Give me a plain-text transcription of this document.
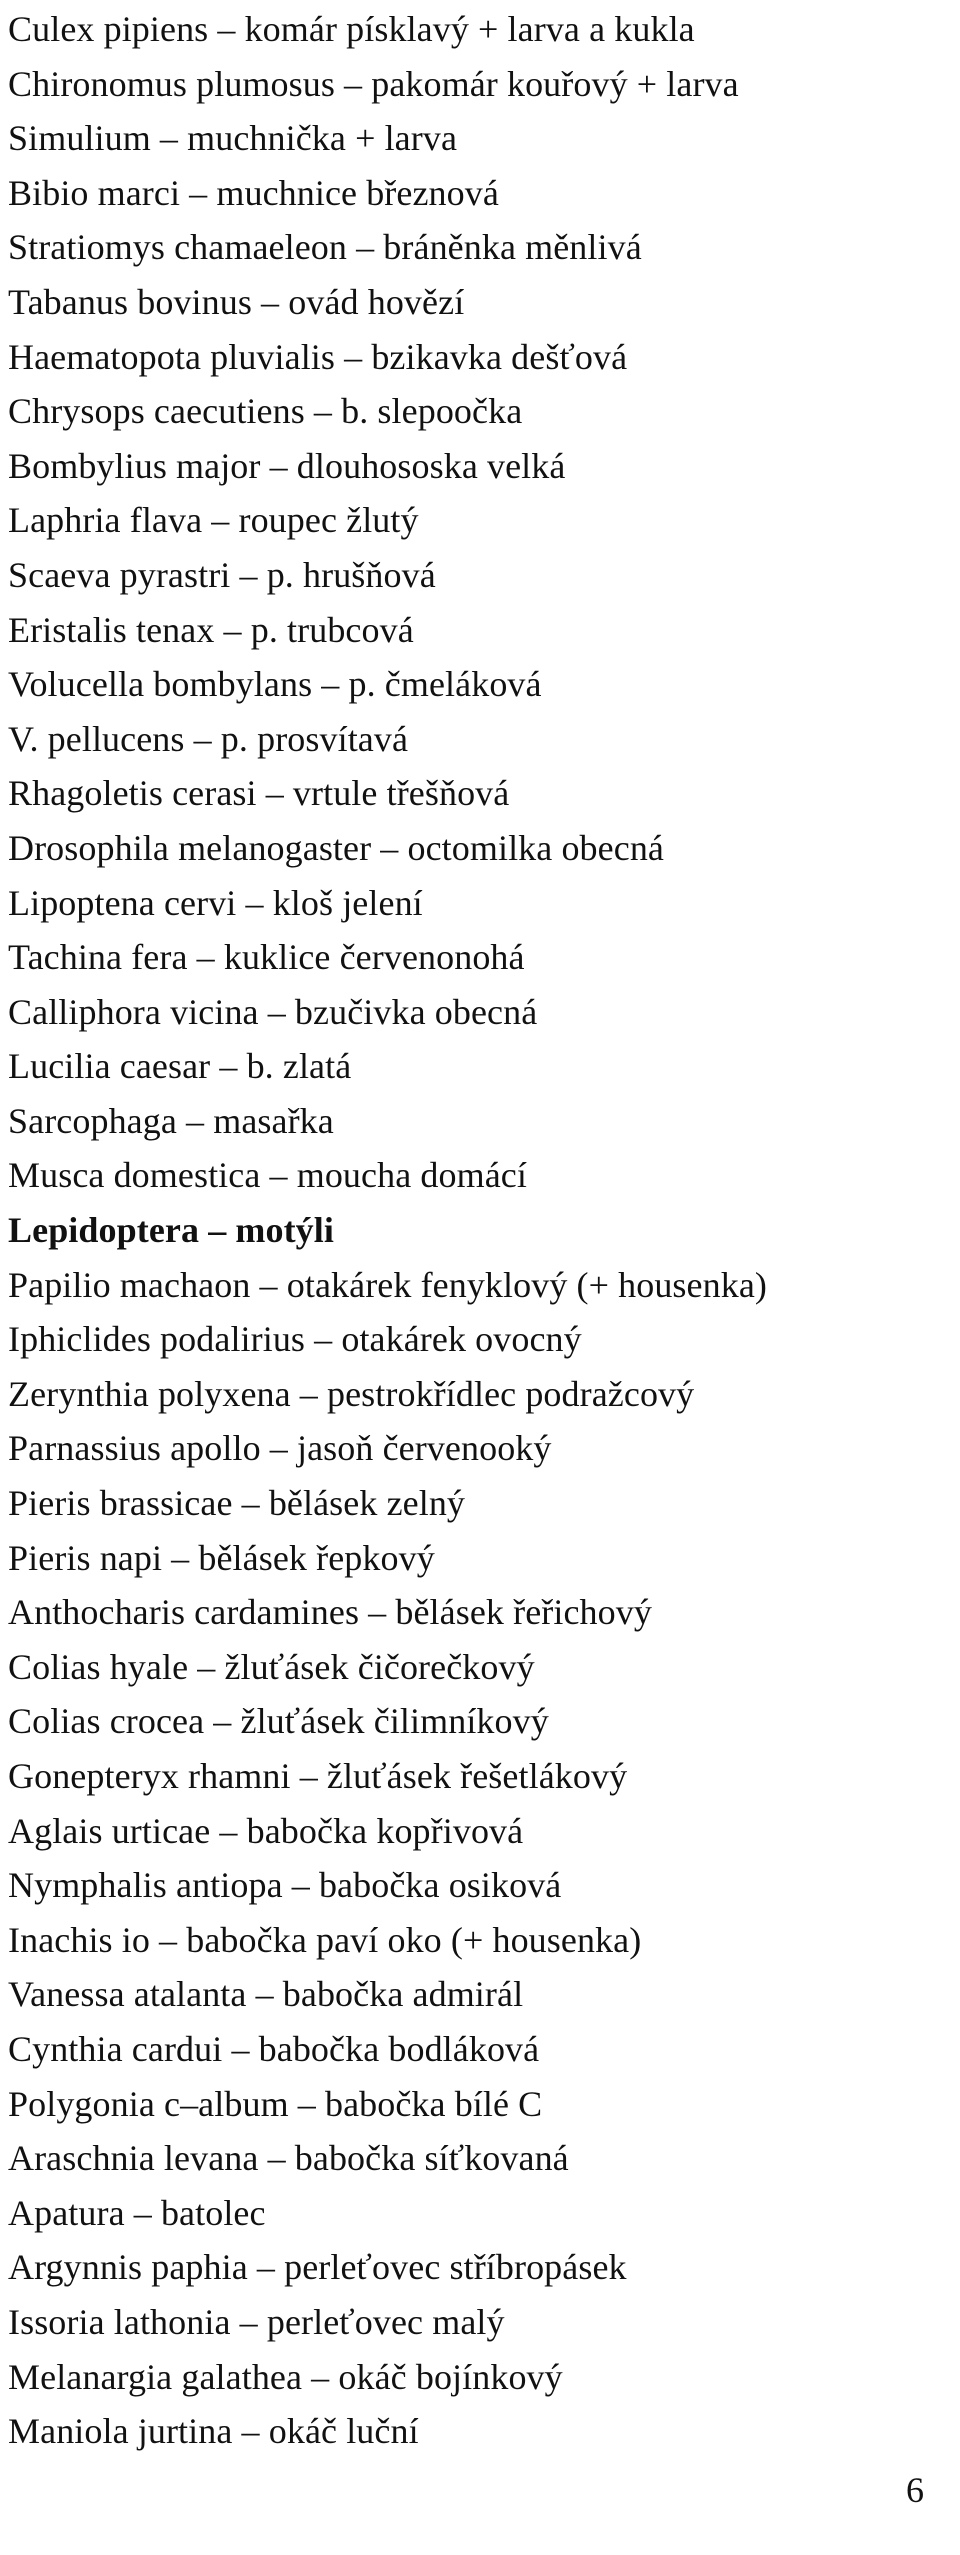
Culex pipiens – komár písklavý + larva a kukla
Chironomus plumosus – pakomár kouřový + larva
Simulium – muchnička + larva
Bibio marci – muchnice březnová
Stratiomys chamaeleon – bráněnka měnlivá
Tabanus bovinus – ovád hovězí
Haematopota pluvialis – bzikavka dešťová
Chrysops caecutiens – b. slepoočka
Bombylius major – dlouhososka velká
Laphria flava – roupec žlutý
Scaeva pyrastri – p. hrušňová
Eristalis tenax – p. trubcová
Volucella bombylans – p. čmeláková
V. pellucens – p. prosvítavá
Rhagoletis cerasi – vrtule třešňová
Drosophila melanogaster – octomilka obecná
Lipoptena cervi – kloš jelení
Tachina fera – kuklice červenonohá
Calliphora vicina – bzučivka obecná
Lucilia caesar – b. zlatá
Sarcophaga – masařka
Musca domestica – moucha domácí
Lepidoptera – motýli
Papilio machaon – otakárek fenyklový (+ housenka)
Iphiclides podalirius – otakárek ovocný
Zerynthia polyxena – pestrokřídlec podražcový
Parnassius apollo – jasoň červenooký
Pieris brassicae – bělásek zelný
Pieris napi – bělásek řepkový
Anthocharis cardamines – bělásek řeřichový
Colias hyale – žluťásek čičorečkový
Colias crocea – žluťásek čilimníkový
Gonepteryx rhamni – žluťásek řešetlákový
Aglais urticae – babočka kopřivová
Nymphalis antiopa – babočka osiková
Inachis io – babočka paví oko (+ housenka)
Vanessa atalanta – babočka admirál
Cynthia cardui – babočka bodláková
Polygonia c–album – babočka bílé C
Araschnia levana – babočka síťkovaná
Apatura – batolec
Argynnis paphia – perleťovec stříbropásek
Issoria lathonia – perleťovec malý
Melanargia galathea – okáč bojínkový
Maniola jurtina – okáč luční
6
